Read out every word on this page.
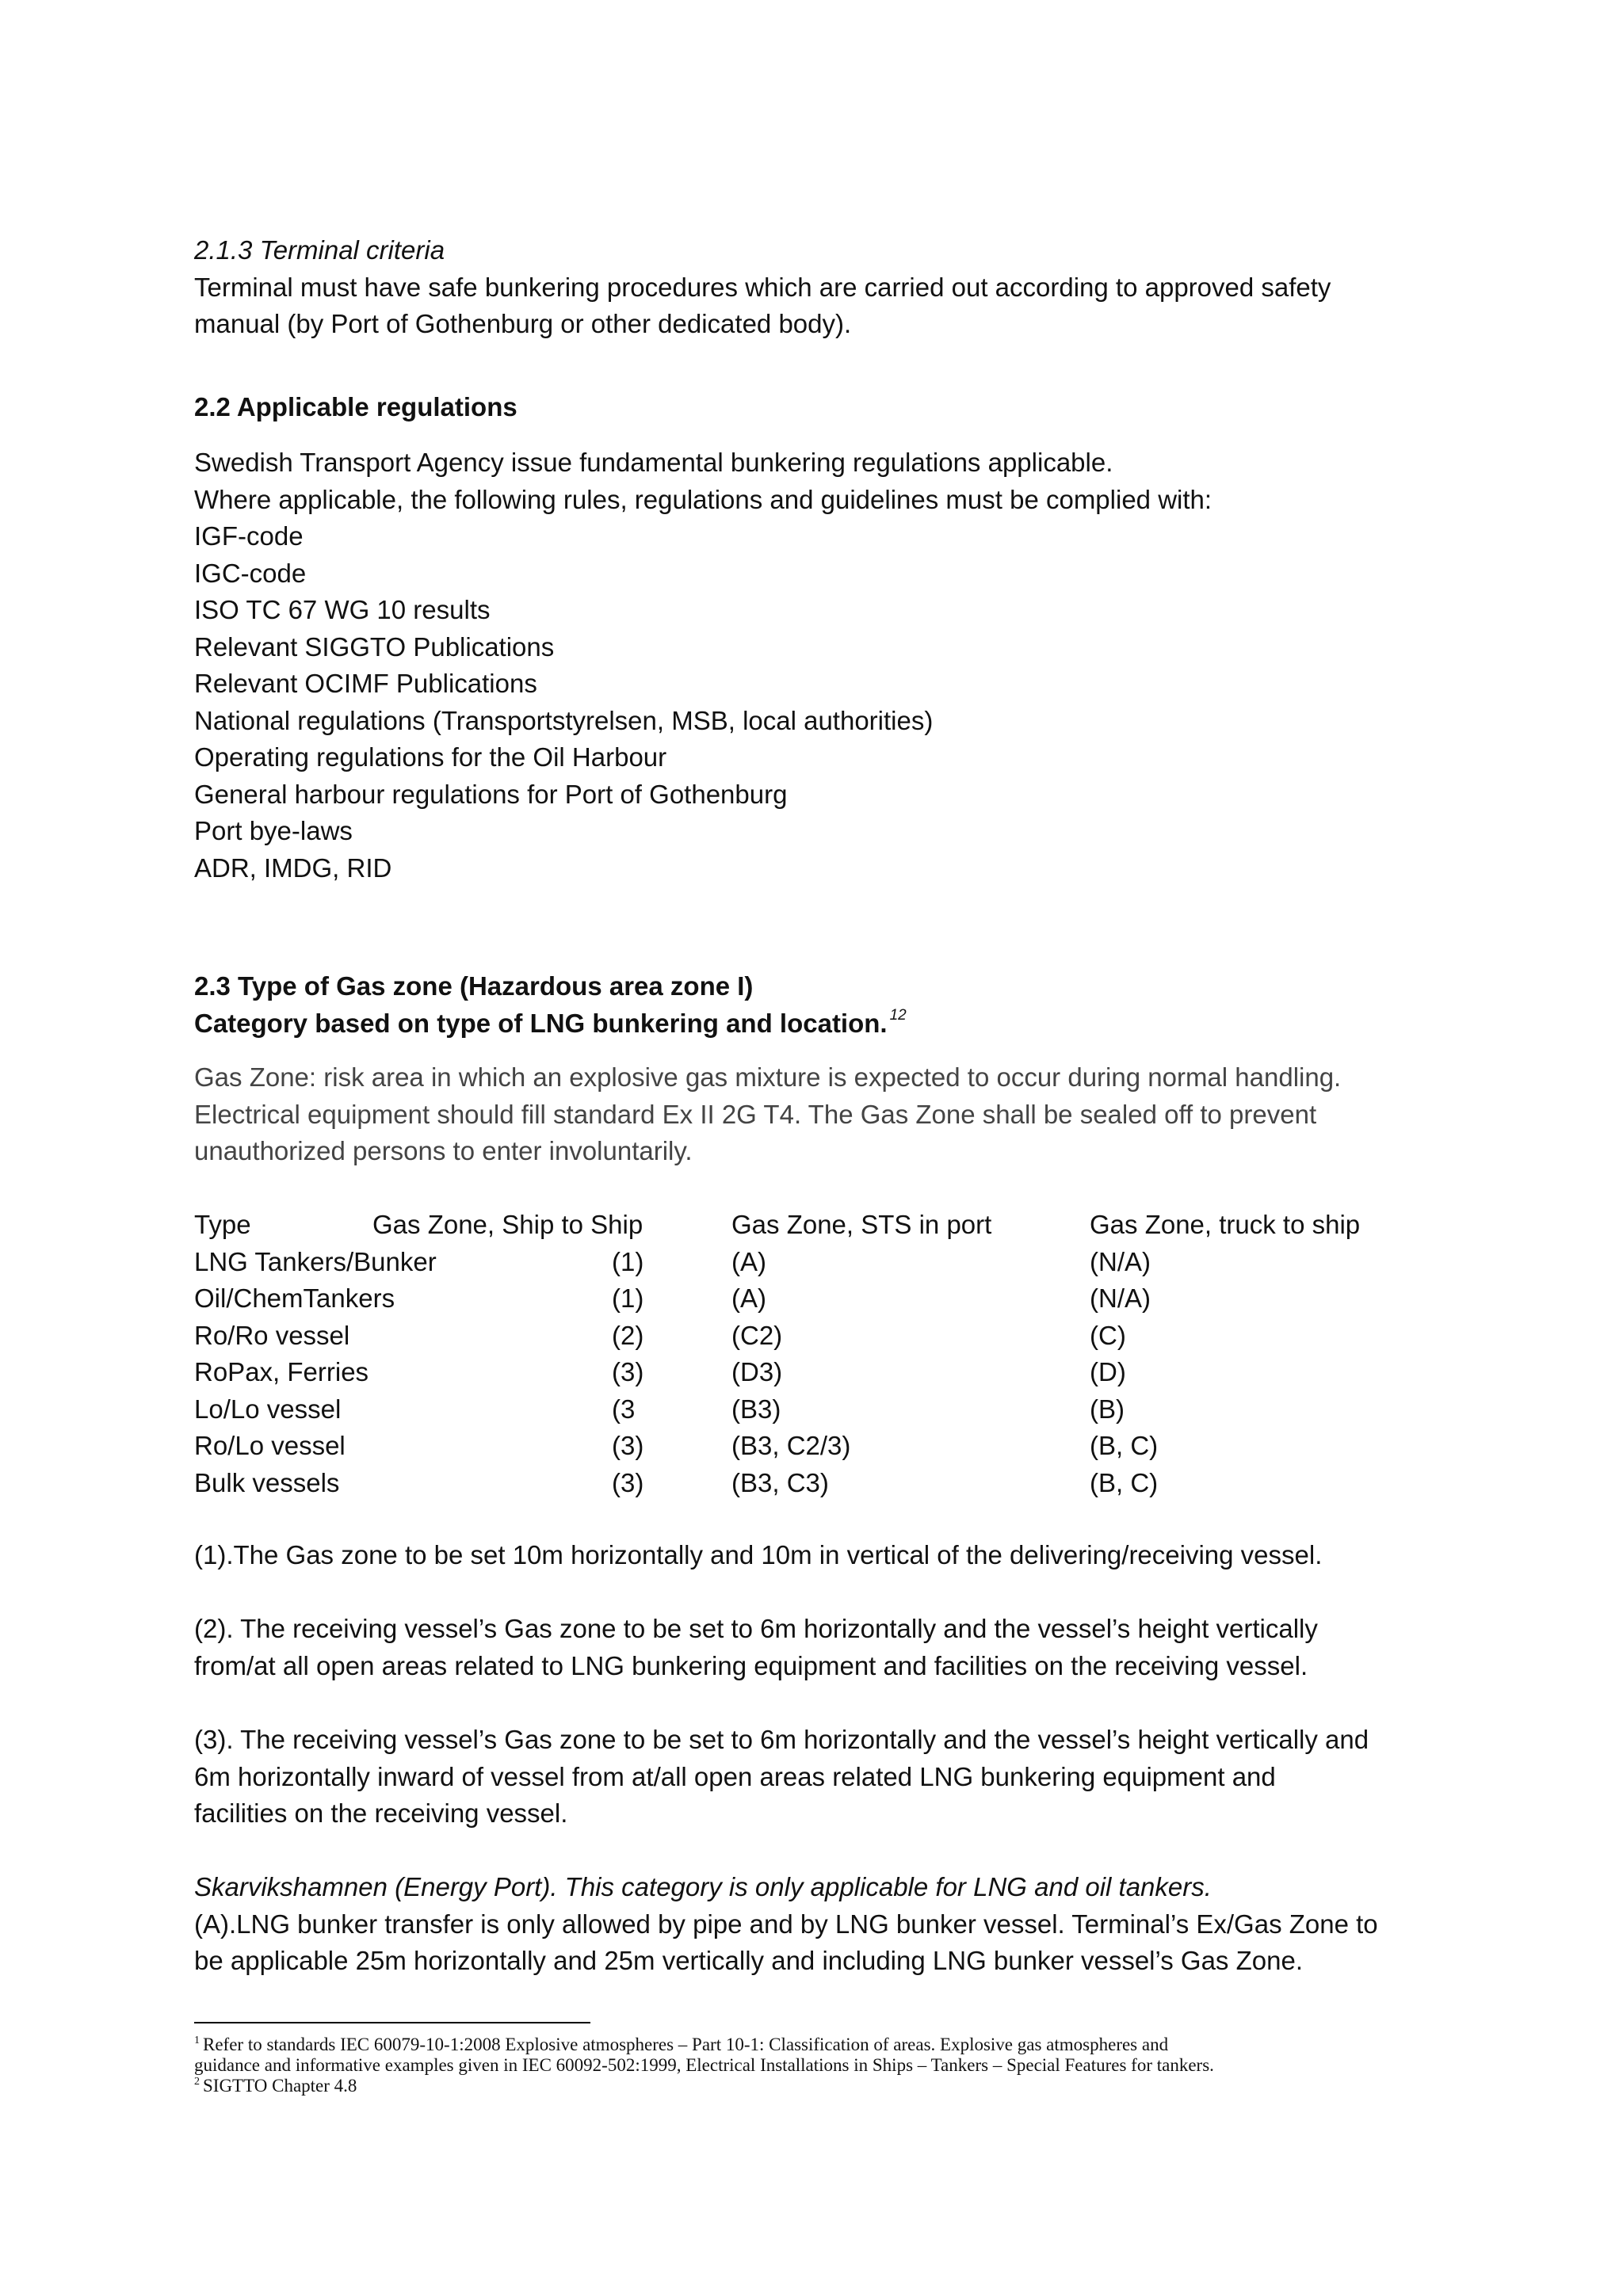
2.1.3 Terminal criteria
Terminal must have safe bunkering procedures which are carried out according to approved safety
manual (by Port of Gothenburg or other dedicated body).
2.2 Applicable regulations
Swedish Transport Agency issue fundamental bunkering regulations applicable.
Where applicable, the following rules, regulations and guidelines must be complied with:
IGF-code
IGC-code
ISO TC 67 WG 10 results
Relevant SIGGTO Publications
Relevant OCIMF Publications
National regulations (Transportstyrelsen, MSB, local authorities)
Operating regulations for the Oil Harbour
General harbour regulations for Port of Gothenburg
Port bye-laws
ADR, IMDG, RID
2.3 Type of Gas zone (Hazardous area zone I)
Category based on type of LNG bunkering and location. $^{12}$
Gas Zone: risk area in which an explosive gas mixture is expected to occur during normal handling.
Electrical equipment should fill standard Ex II 2G T4. The Gas Zone shall be sealed off to prevent
unauthorized persons to enter involuntarily.
Type	Gas Zone, Ship to Ship		Gas Zone, STS in port	Gas Zone, truck to ship
LNG Tankers/Bunker		(1)	(A)	(N/A)
Oil/ChemTankers		(1)	(A)	(N/A)
Ro/Ro vessel		(2)	(C2)	(C)
RoPax, Ferries		(3)	(D3)	(D)
Lo/Lo vessel		(3	(B3)	(B)
Ro/Lo vessel		(3)	(B3, C2/3)	(B, C)
Bulk vessels		(3)	(B3, C3)	(B, C)
(1).The Gas zone to be set 10m horizontally and 10m in vertical of the delivering/receiving vessel.
(2). The receiving vessel’s Gas zone to be set to 6m horizontally and the vessel’s height vertically
from/at all open areas related to LNG bunkering equipment and facilities on the receiving vessel.
(3). The receiving vessel’s Gas zone to be set to 6m horizontally and the vessel’s height vertically and
6m horizontally inward of vessel from at/all open areas related LNG bunkering equipment and
facilities on the receiving vessel.
Skarvikshamnen (Energy Port). This category is only applicable for LNG and oil tankers.
(A).LNG bunker transfer is only allowed by pipe and by LNG bunker vessel. Terminal’s Ex/Gas Zone to
be applicable 25m horizontally and 25m vertically and including LNG bunker vessel’s Gas Zone.
$^1$ Refer to standards IEC 60079-10-1:2008 Explosive atmospheres – Part 10-1: Classification of areas. Explosive gas atmospheres and
guidance and informative examples given in IEC 60092-502:1999, Electrical Installations in Ships – Tankers – Special Features for tankers.
$^2$ SIGTTO Chapter 4.8
